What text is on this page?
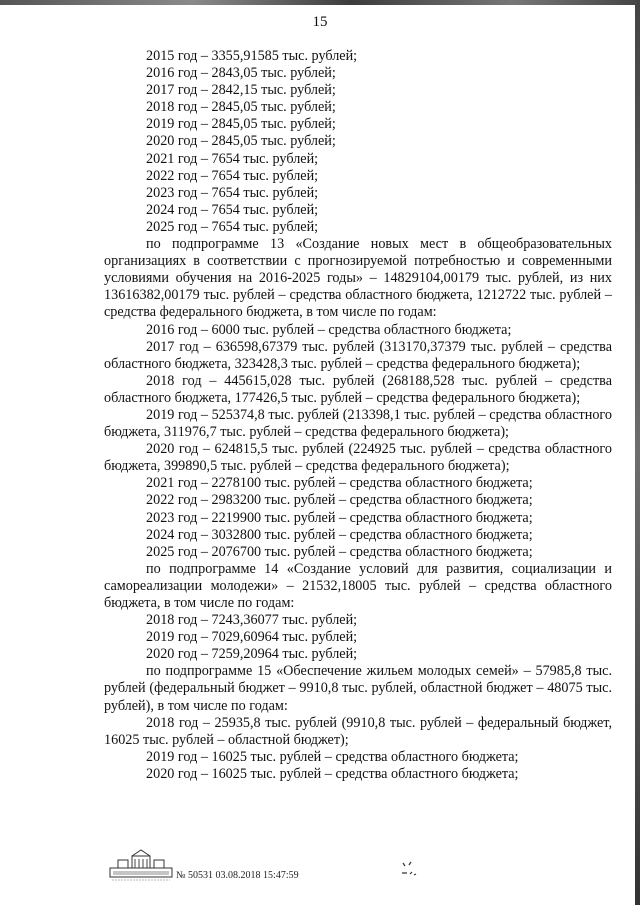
15

2015 год – 3355,91585 тыс. рублей;

2016 год – 2843,05 тыс. рублей;

2017 год – 2842,15 тыс. рублей;

2018 год – 2845,05 тыс. рублей;

2019 год – 2845,05 тыс. рублей;

2020 год – 2845,05 тыс. рублей;

2021 год – 7654 тыс. рублей;

2022 год – 7654 тыс. рублей;

2023 год – 7654 тыс. рублей;

2024 год – 7654 тыс. рублей;

2025 год – 7654 тыс. рублей;

по подпрограмме 13 «Создание новых мест в общеобразовательных организациях в соответствии с прогнозируемой потребностью и современными условиями обучения на 2016-2025 годы» – 14829104,00179 тыс. рублей, из них 13616382,00179 тыс. рублей – средства областного бюджета, 1212722 тыс. рублей – средства федерального бюджета, в том числе по годам:

2016 год – 6000 тыс. рублей – средства областного бюджета;

2017 год – 636598,67379 тыс. рублей (313170,37379 тыс. рублей – средства областного бюджета, 323428,3 тыс. рублей – средства федерального бюджета);

2018 год – 445615,028 тыс. рублей (268188,528 тыс. рублей – средства областного бюджета, 177426,5 тыс. рублей – средства федерального бюджета);

2019 год – 525374,8 тыс. рублей (213398,1 тыс. рублей – средства областного бюджета, 311976,7 тыс. рублей – средства федерального бюджета);

2020 год – 624815,5 тыс. рублей (224925 тыс. рублей – средства областного бюджета, 399890,5 тыс. рублей – средства федерального бюджета);

2021 год – 2278100 тыс. рублей – средства областного бюджета;

2022 год – 2983200 тыс. рублей – средства областного бюджета;

2023 год – 2219900 тыс. рублей – средства областного бюджета;

2024 год – 3032800 тыс. рублей – средства областного бюджета;

2025 год – 2076700 тыс. рублей – средства областного бюджета;

по подпрограмме 14 «Создание условий для развития, социализации и самореализации молодежи» – 21532,18005 тыс. рублей – средства областного бюджета, в том числе по годам:

2018 год – 7243,36077 тыс. рублей;

2019 год – 7029,60964 тыс. рублей;

2020 год – 7259,20964 тыс. рублей;

по подпрограмме 15 «Обеспечение жильем молодых семей» – 57985,8 тыс. рублей (федеральный бюджет – 9910,8 тыс. рублей, областной бюджет – 48075 тыс. рублей), в том числе по годам:

2018 год – 25935,8 тыс. рублей (9910,8 тыс. рублей – федеральный бюджет, 16025 тыс. рублей – областной бюджет);

2019 год – 16025 тыс. рублей – средства областного бюджета;

2020 год – 16025 тыс. рублей – средства областного бюджета;

№ 50531 03.08.2018 15:47:59
